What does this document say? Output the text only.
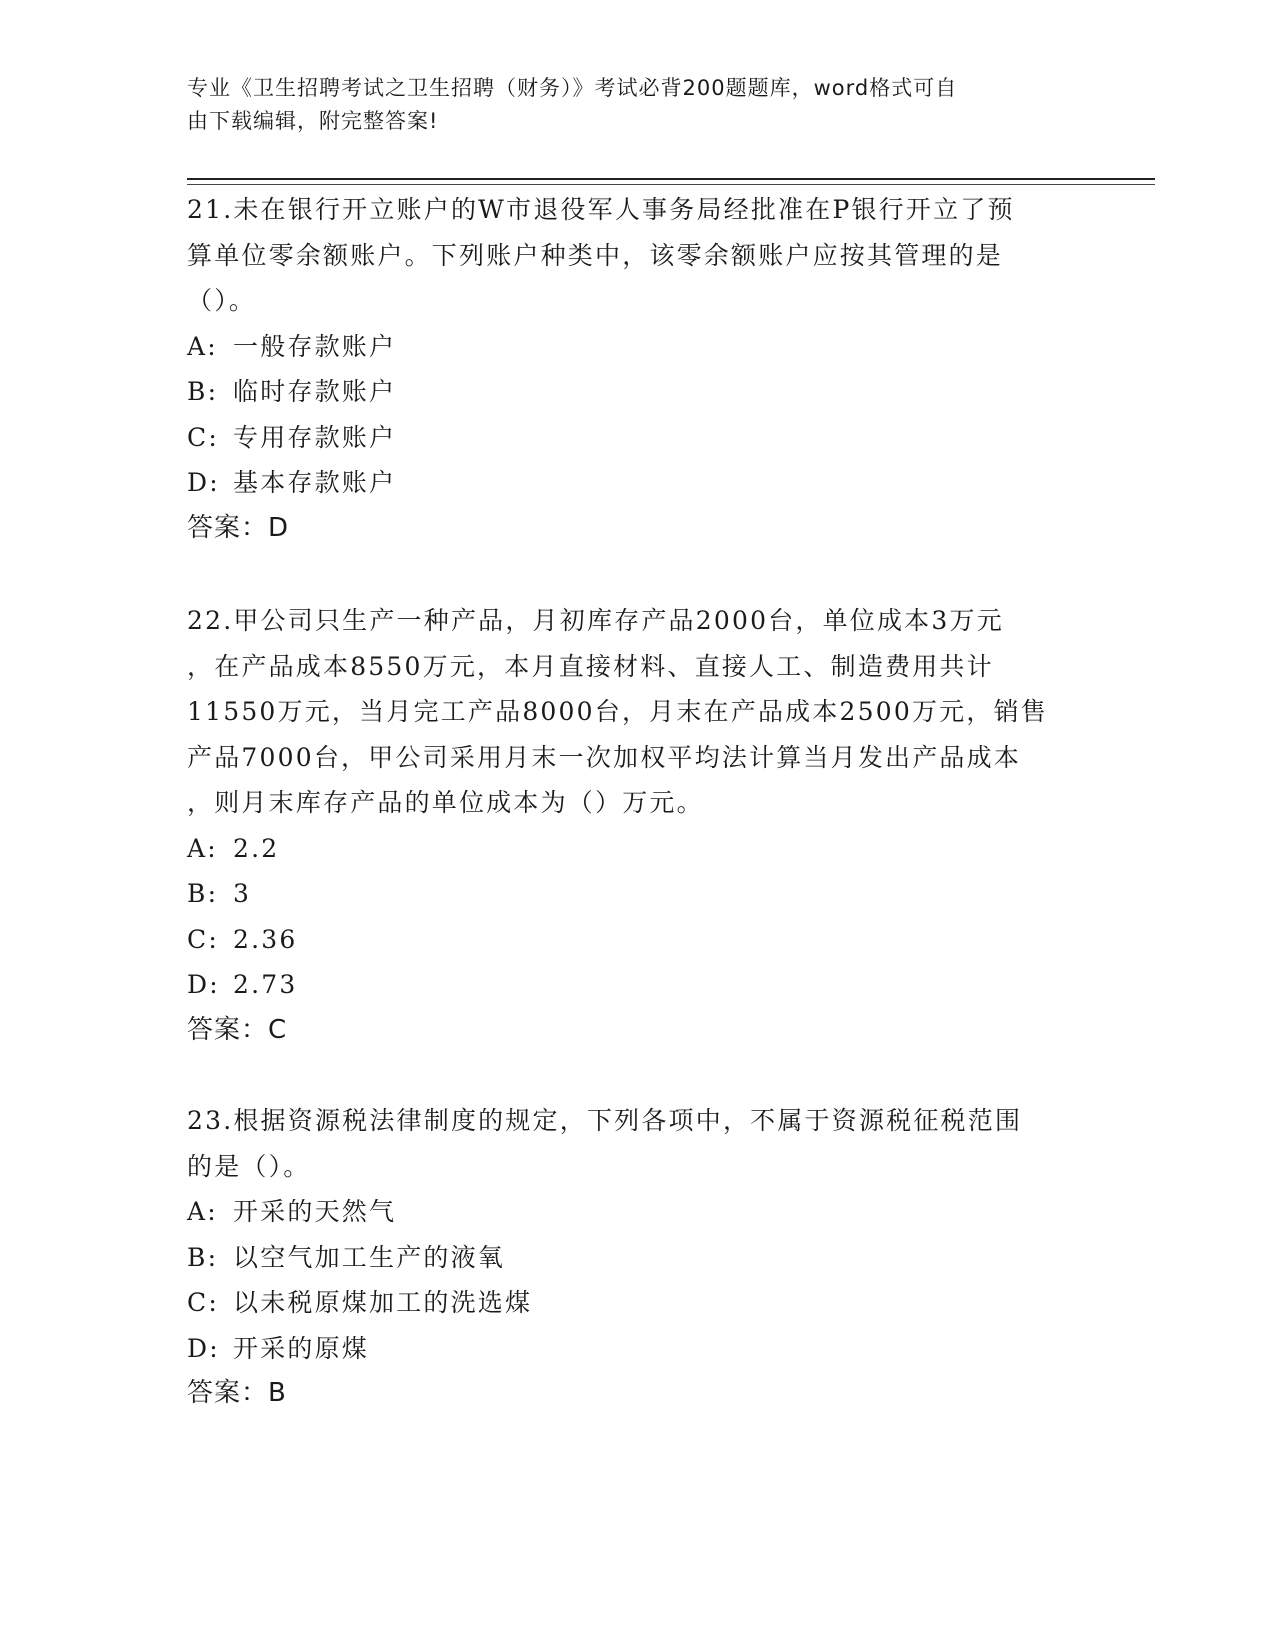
专业《卫生招聘考试之卫生招聘（财务）》考试必背200题题库，word格式可自
由下载编辑，附完整答案!

21.未在银行开立账户的W市退役军人事务局经批准在P银行开立了预

算单位零余额账户。下列账户种类中，该零余额账户应按其管理的是

（）。

A: 一般存款账户
B: 临时存款账户
C: 专用存款账户
D: 基本存款账户

答案：D

22.甲公司只生产一种产品，月初库存产品2000台，单位成本3万元

，在产品成本8550万元，本月直接材料、直接人工、制造费用共计

11550万元，当月完工产品8000台，月末在产品成本2500万元，销售

产品7000台，甲公司采用月末一次加权平均法计算当月发出产品成本

，则月末库存产品的单位成本为（）万元。

A: 2.2
B: 3
C: 2.36
D: 2.73

答案：C

23.根据资源税法律制度的规定，下列各项中，不属于资源税征税范围

的是（）。

A: 开采的天然气
B: 以空气加工生产的液氧
C: 以未税原煤加工的洗选煤
D: 开采的原煤

答案：B
